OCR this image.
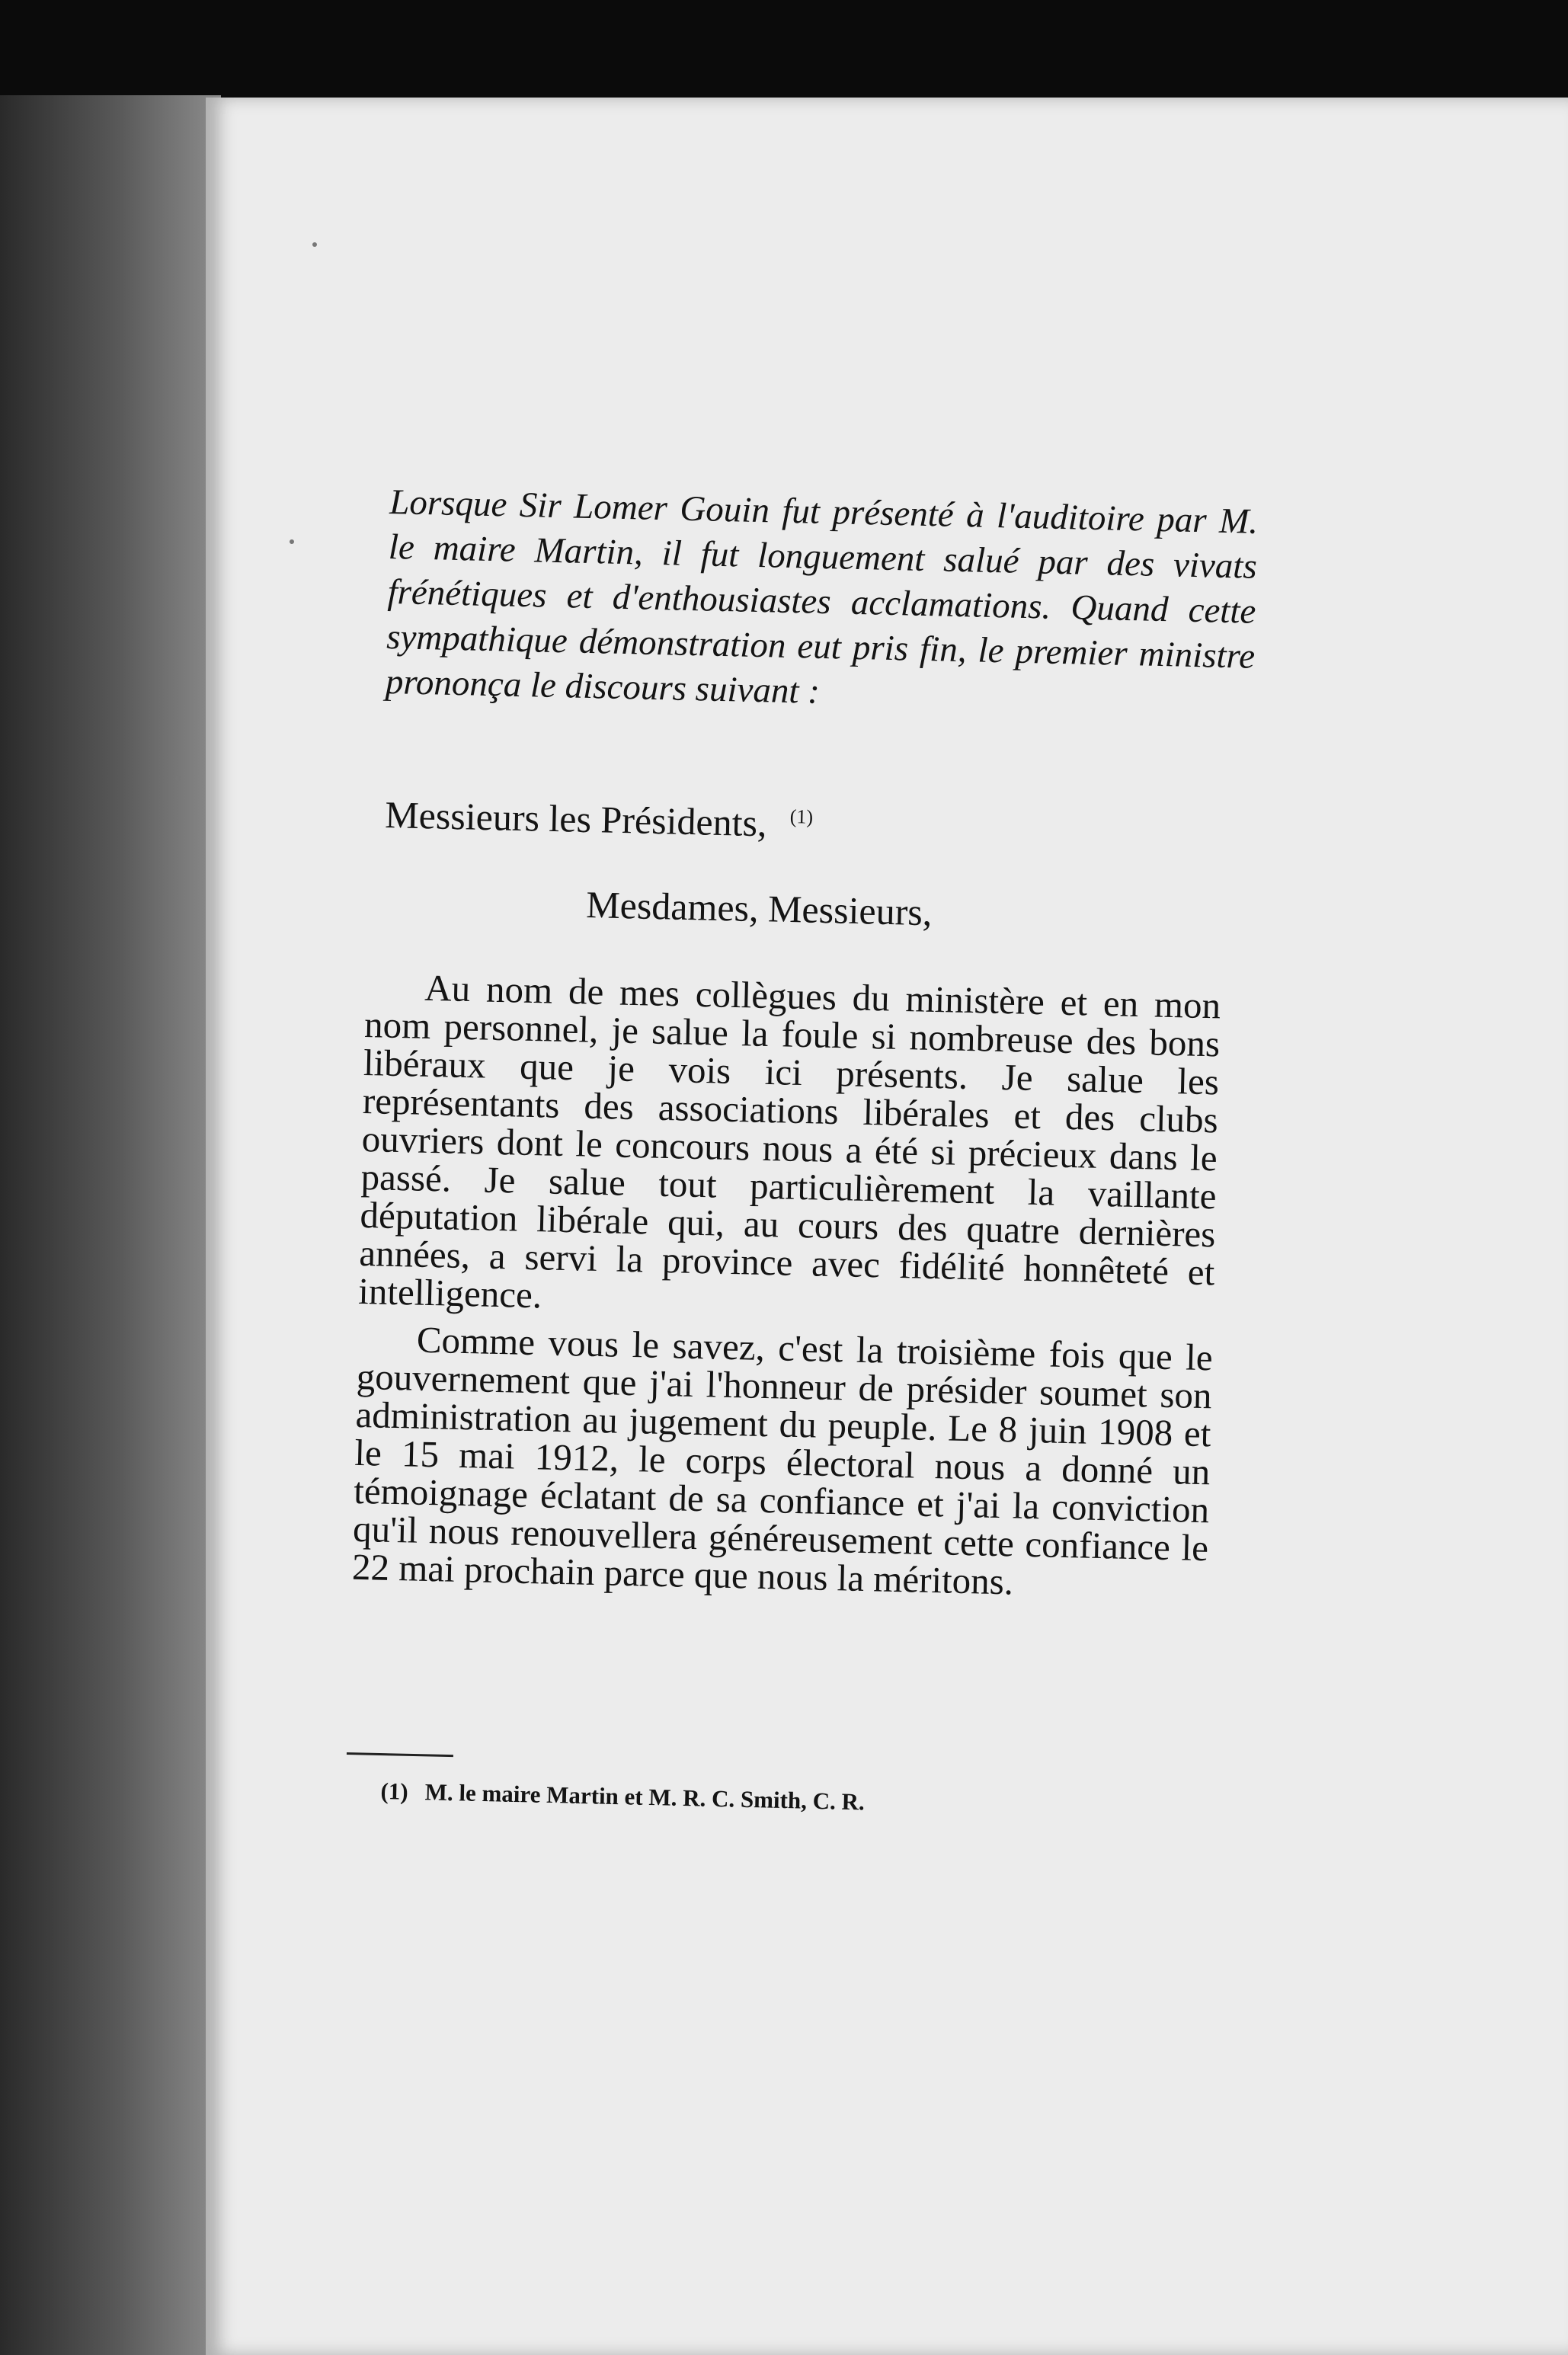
Lorsque Sir Lomer Gouin fut présenté à l'auditoire par M. le maire Martin, il fut longuement salué par des vivats frénétiques et d'enthousiastes acclamations. Quand cette sympathique démonstration eut pris fin, le premier ministre prononça le discours suivant :
Messieurs les Présidents, $^{(1)}$
Mesdames, Messieurs,

Au nom de mes collègues du ministère et en mon nom personnel, je salue la foule si nombreuse des bons libéraux que je vois ici présents. Je salue les représentants des associations libérales et des clubs ouvriers dont le concours nous a été si précieux dans le passé. Je salue tout particulièrement la vaillante députation libérale qui, au cours des quatre dernières années, a servi la province avec fidélité honnêteté et intelligence.

Comme vous le savez, c'est la troisième fois que le gouvernement que j'ai l'honneur de présider soumet son administration au jugement du peuple. Le 8 juin 1908 et le 15 mai 1912, le corps électoral nous a donné un témoignage éclatant de sa confiance et j'ai la conviction qu'il nous renouvellera généreusement cette confiance le 22 mai prochain parce que nous la méritons.

(1) M. le maire Martin et M. R. C. Smith, C. R.
